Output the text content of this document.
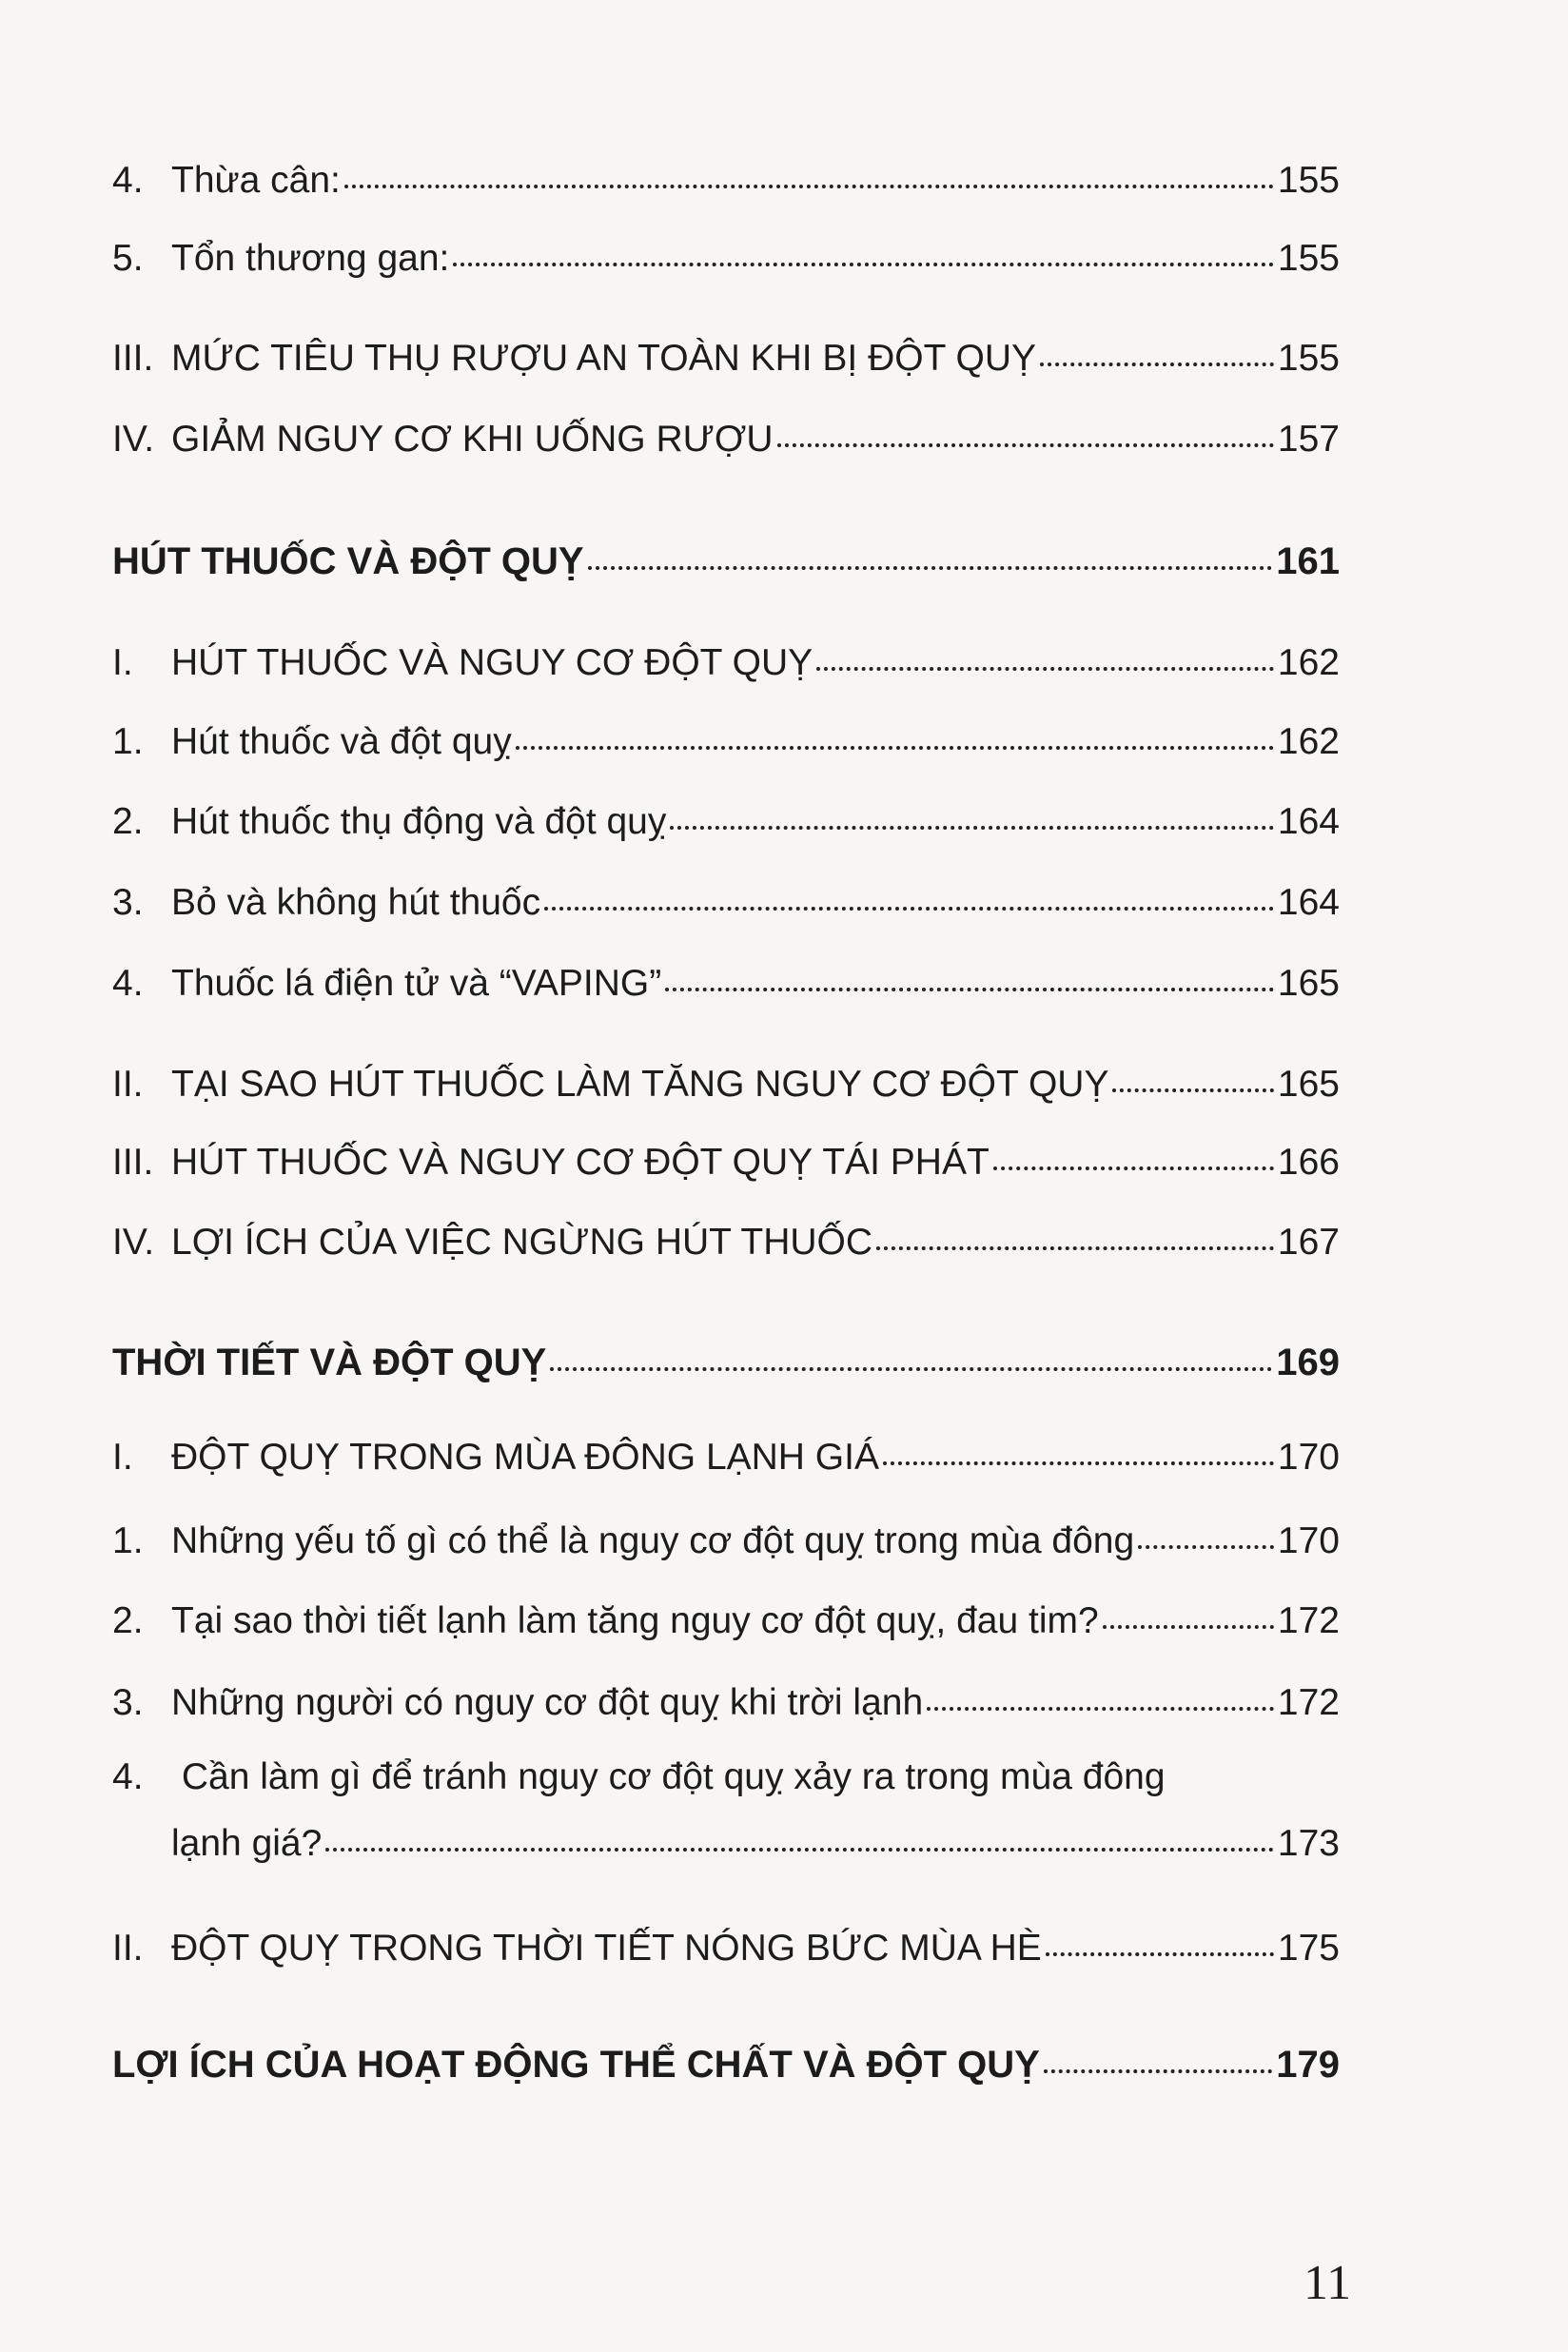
4. Thừa cân:	155
5. Tổn thương gan:	155
III. MỨC TIÊU THỤ RƯỢU AN TOÀN KHI BỊ ĐỘT QUỴ	155
IV. GIẢM NGUY CƠ KHI UỐNG RƯỢU	157
HÚT THUỐC VÀ ĐỘT QUỴ	161
I.	HÚT THUỐC VÀ NGUY CƠ ĐỘT QUỴ	162
1. Hút thuốc và đột quỵ	162
2. Hút thuốc thụ động và đột quỵ	164
3. Bỏ và không hút thuốc	164
4. Thuốc lá điện tử và “VAPING”	165
II. TẠI SAO HÚT THUỐC LÀM TĂNG NGUY CƠ ĐỘT QUỴ	165
III. HÚT THUỐC VÀ NGUY CƠ ĐỘT QUỴ TÁI PHÁT	166
IV. LỢI ÍCH CỦA VIỆC NGỪNG HÚT THUỐC	167
THỜI TIẾT VÀ ĐỘT QUỴ	169
I.	ĐỘT QUỴ TRONG MÙA ĐÔNG LẠNH GIÁ	170
1. Những yếu tố gì có thể là nguy cơ đột quỵ trong mùa đông	170
2. Tại sao thời tiết lạnh làm tăng nguy cơ đột quỵ, đau tim?	172
3. Những người có nguy cơ đột quỵ khi trời lạnh	172
4. Cần làm gì để tránh nguy cơ đột quỵ xảy ra trong mùa đông
lạnh giá?	173
II. ĐỘT QUỴ TRONG THỜI TIẾT NÓNG BỨC MÙA HÈ	175
LỢI ÍCH CỦA HOẠT ĐỘNG THỂ CHẤT VÀ ĐỘT QUỴ	179
11
